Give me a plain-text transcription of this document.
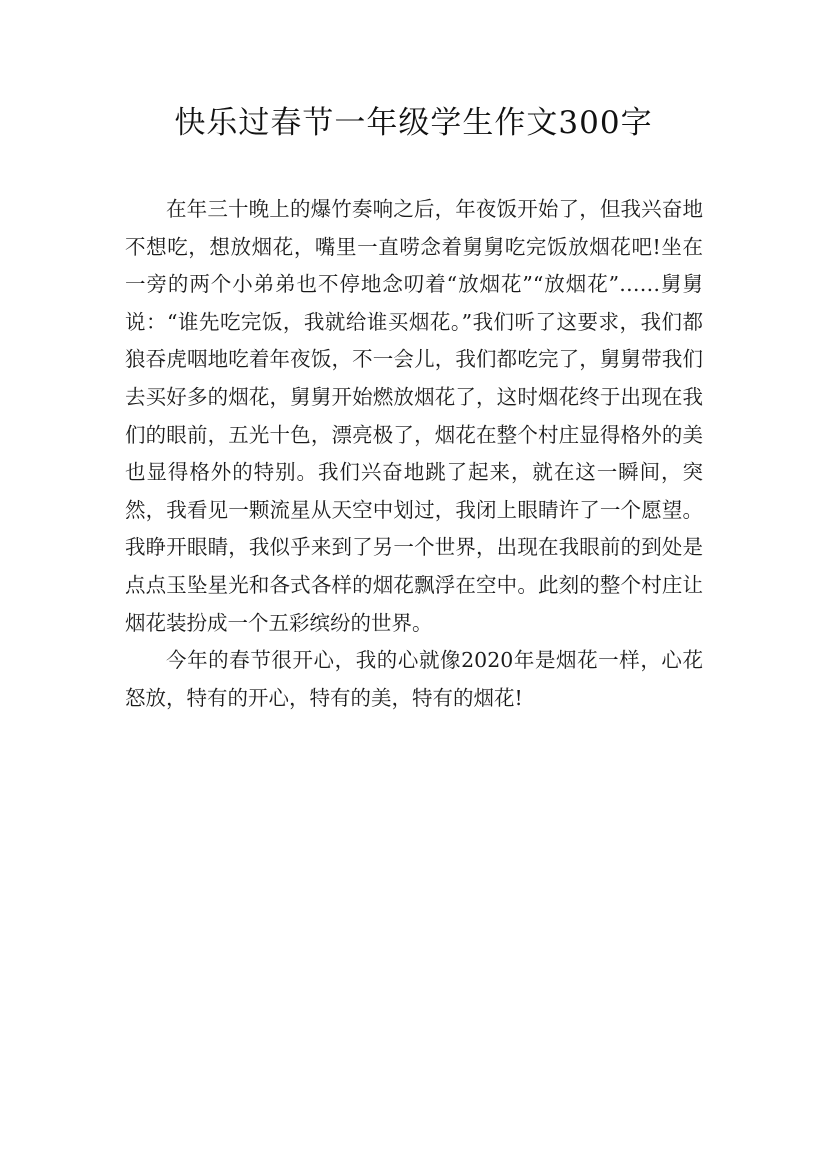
快乐过春节一年级学生作文300字

在年三十晚上的爆竹奏响之后，年夜饭开始了，但我兴奋地不想吃，想放烟花，嘴里一直唠念着舅舅吃完饭放烟花吧!坐在一旁的两个小弟弟也不停地念叨着“放烟花”“放烟花”……舅舅说：“谁先吃完饭，我就给谁买烟花。”我们听了这要求，我们都狼吞虎咽地吃着年夜饭，不一会儿，我们都吃完了，舅舅带我们去买好多的烟花，舅舅开始燃放烟花了，这时烟花终于出现在我们的眼前，五光十色，漂亮极了，烟花在整个村庄显得格外的美也显得格外的特别。我们兴奋地跳了起来，就在这一瞬间，突然，我看见一颗流星从天空中划过，我闭上眼睛许了一个愿望。我睁开眼睛，我似乎来到了另一个世界，出现在我眼前的到处是点点玉坠星光和各式各样的烟花飘浮在空中。此刻的整个村庄让烟花装扮成一个五彩缤纷的世界。

今年的春节很开心，我的心就像2020年是烟花一样，心花怒放，特有的开心，特有的美，特有的烟花!
